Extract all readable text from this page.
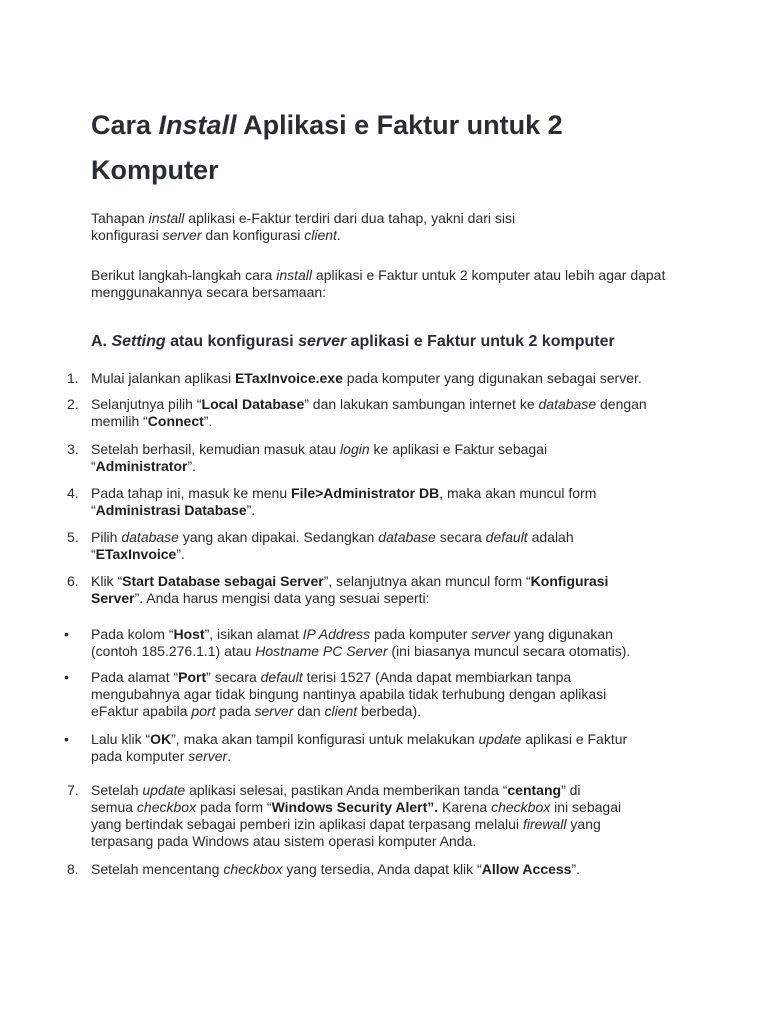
Cara Install Aplikasi e Faktur untuk 2 Komputer

Tahapan install aplikasi e-Faktur terdiri dari dua tahap, yakni dari sisi
konfigurasi server dan konfigurasi client.

Berikut langkah-langkah cara install aplikasi e Faktur untuk 2 komputer atau lebih agar dapat menggunakannya secara bersamaan:

A. Setting atau konfigurasi server aplikasi e Faktur untuk 2 komputer

1. Mulai jalankan aplikasi ETaxInvoice.exe pada komputer yang digunakan sebagai server.

2. Selanjutnya pilih “Local Database” dan lakukan sambungan internet ke database dengan memilih “Connect”.

3. Setelah berhasil, kemudian masuk atau login ke aplikasi e Faktur sebagai
“Administrator”.

4. Pada tahap ini, masuk ke menu File>Administrator DB, maka akan muncul form
“Administrasi Database”.

5. Pilih database yang akan dipakai. Sedangkan database secara default adalah
“ETaxInvoice”.

6. Klik “Start Database sebagai Server”, selanjutnya akan muncul form “Konfigurasi
Server”. Anda harus mengisi data yang sesuai seperti:

• Pada kolom “Host”, isikan alamat IP Address pada komputer server yang digunakan
(contoh 185.276.1.1) atau Hostname PC Server (ini biasanya muncul secara otomatis).

• Pada alamat “Port” secara default terisi 1527 (Anda dapat membiarkan tanpa
mengubahnya agar tidak bingung nantinya apabila tidak terhubung dengan aplikasi
eFaktur apabila port pada server dan client berbeda).

• Lalu klik “OK”, maka akan tampil konfigurasi untuk melakukan update aplikasi e Faktur
pada komputer server.

7. Setelah update aplikasi selesai, pastikan Anda memberikan tanda “centang” di
semua checkbox pada form “Windows Security Alert”. Karena checkbox ini sebagai
yang bertindak sebagai pemberi izin aplikasi dapat terpasang melalui firewall yang
terpasang pada Windows atau sistem operasi komputer Anda.

8. Setelah mencentang checkbox yang tersedia, Anda dapat klik “Allow Access”.
